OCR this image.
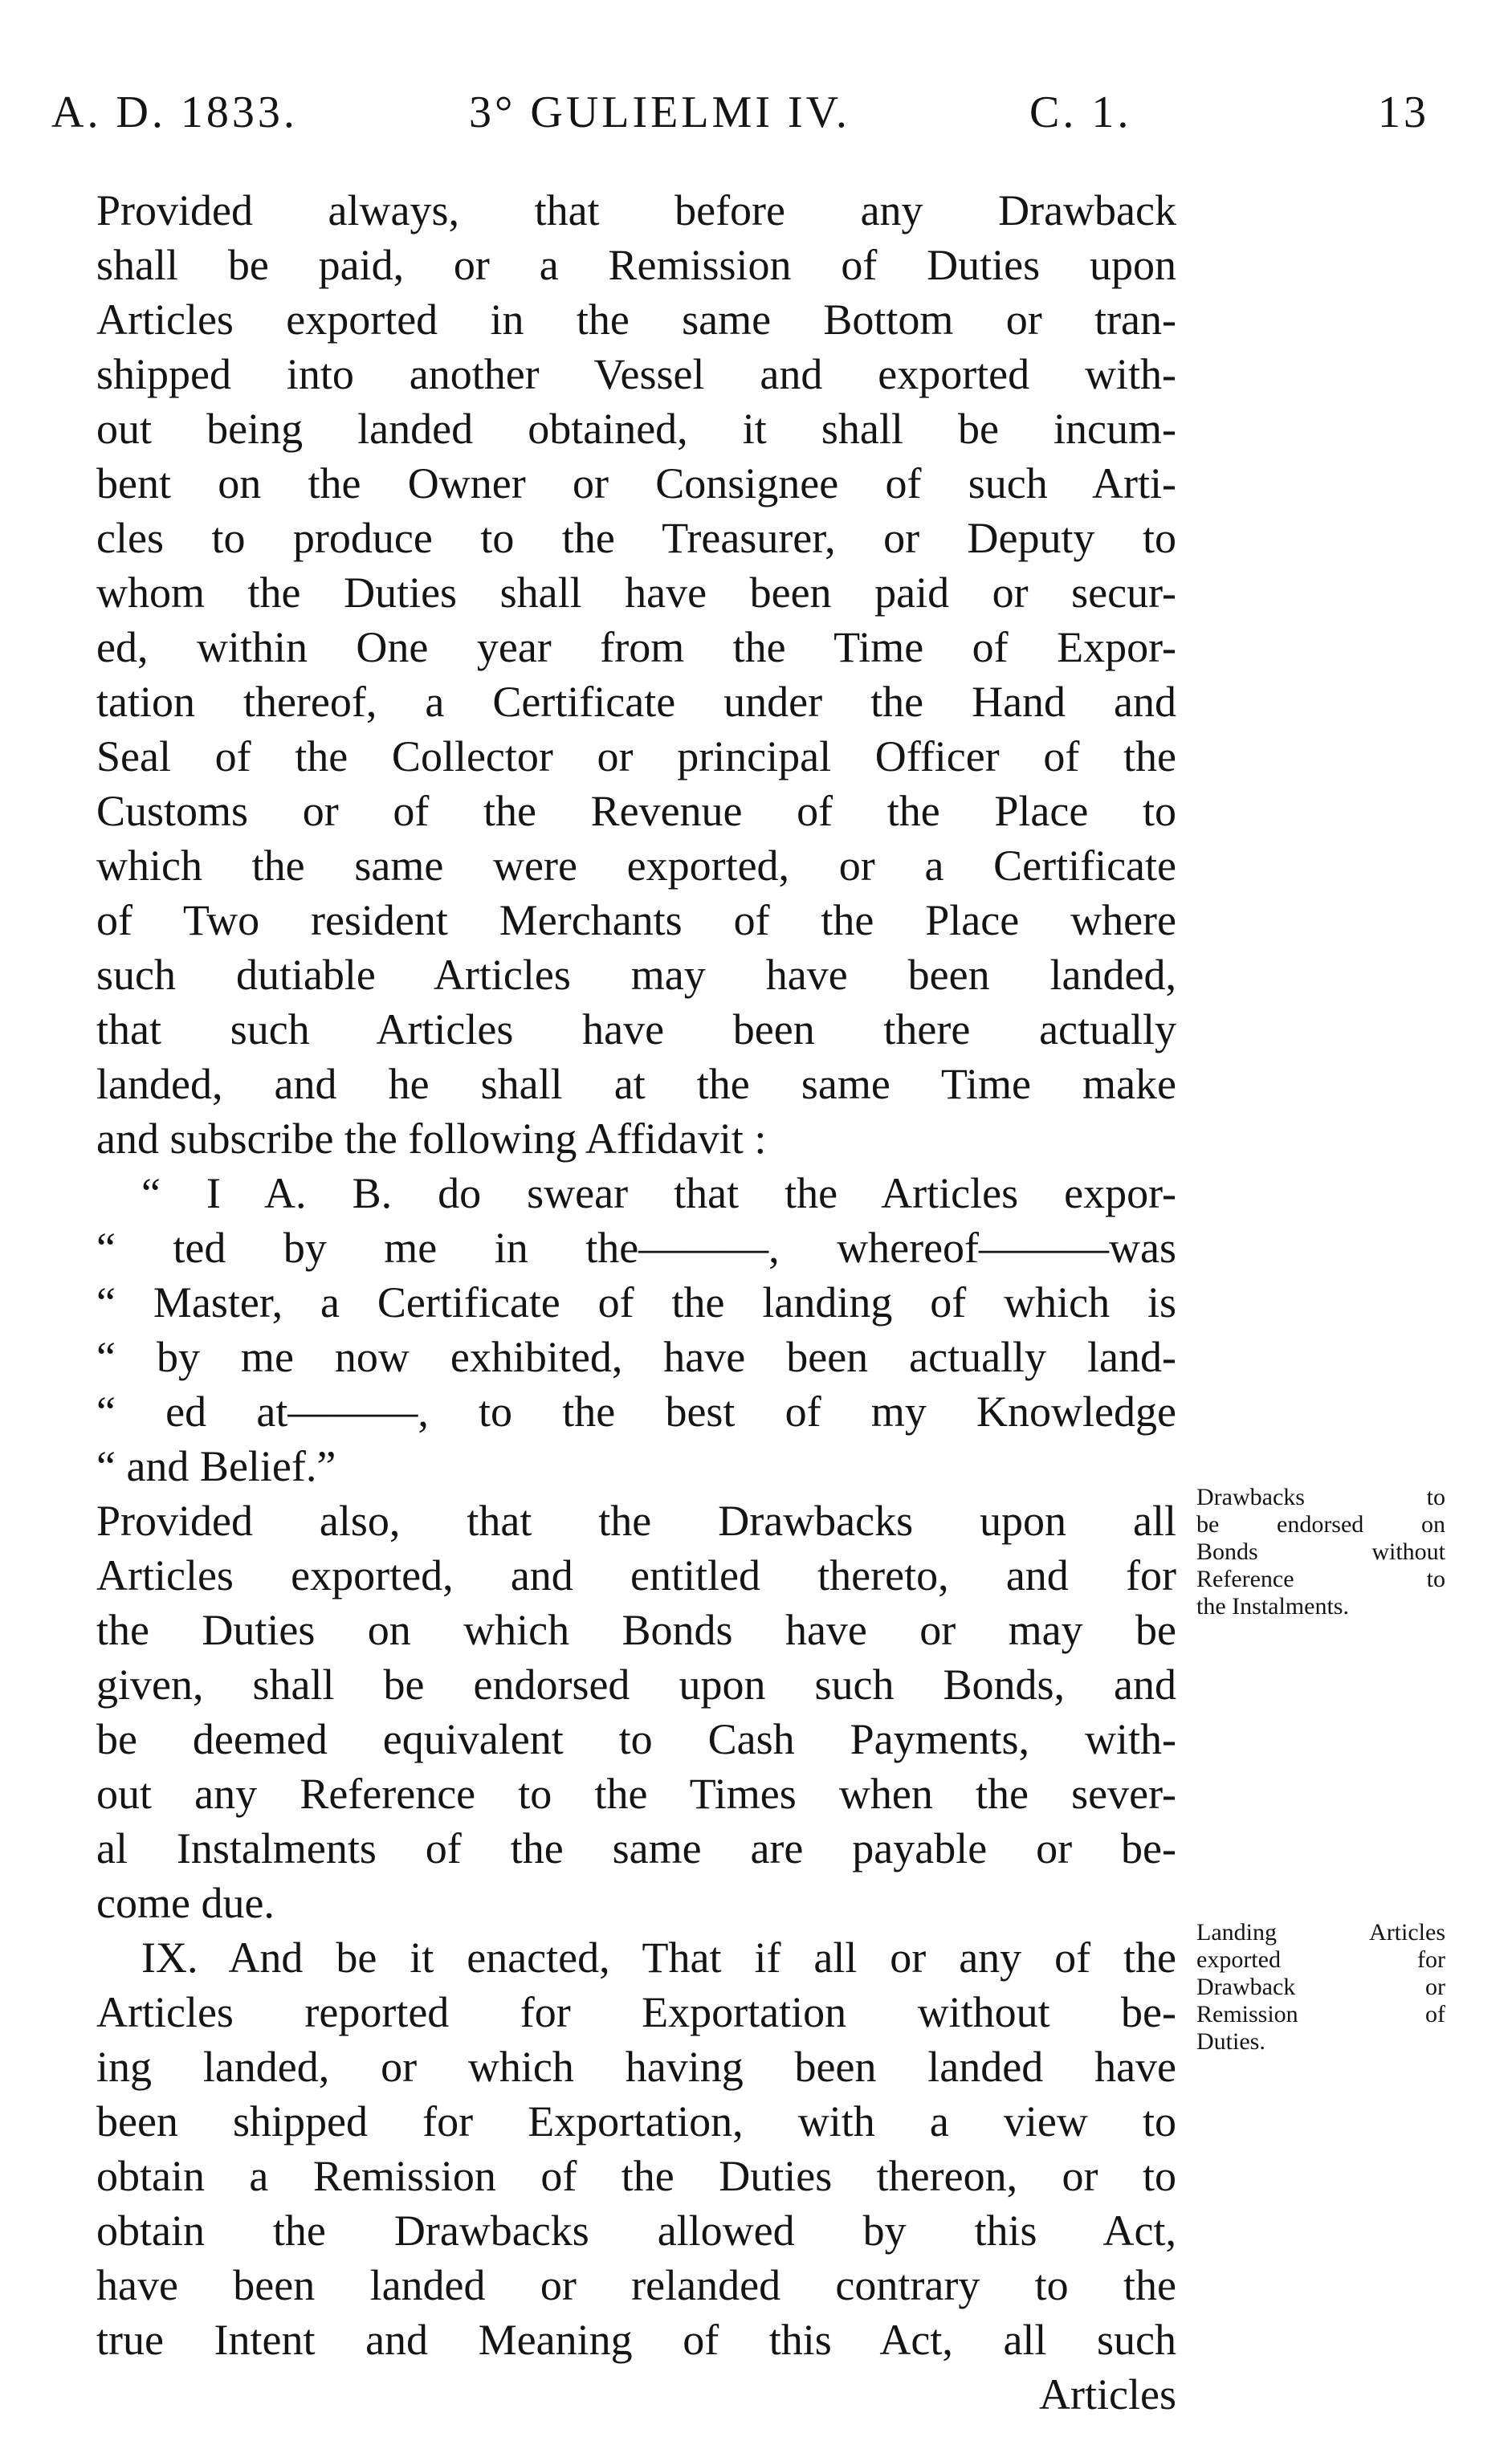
A. D. 1833.	3° GULIELMI IV.	C. 1.	13
Provided always, that before any Drawback
shall be paid, or a Remission of Duties upon
Articles exported in the same Bottom or tran-
shipped into another Vessel and exported with-
out being landed obtained, it shall be incum-
bent on the Owner or Consignee of such Arti-
cles to produce to the Treasurer, or Deputy to
whom the Duties shall have been paid or secur-
ed, within One year from the Time of Expor-
tation thereof, a Certificate under the Hand and
Seal of the Collector or principal Officer of the
Customs or of the Revenue of the Place to
which the same were exported, or a Certificate
of Two resident Merchants of the Place where
such dutiable Articles may have been landed,
that such Articles have been there actually
landed, and he shall at the same Time make
and subscribe the following Affidavit :
“ I A. B. do swear that the Articles expor-
“ ted by me in the———, whereof———was
“ Master, a Certificate of the landing of which is
“ by me now exhibited, have been actually land-
“ ed at———, to the best of my Knowledge
“ and Belief.”
Provided also, that the Drawbacks upon all
Articles exported, and entitled thereto, and for
the Duties on which Bonds have or may be
given, shall be endorsed upon such Bonds, and
be deemed equivalent to Cash Payments, with-
out any Reference to the Times when the sever-
al Instalments of the same are payable or be-
come due.
IX. And be it enacted, That if all or any of the
Articles reported for Exportation without be-
ing landed, or which having been landed have
been shipped for Exportation, with a view to
obtain a Remission of the Duties thereon, or to
obtain the Drawbacks allowed by this Act,
have been landed or relanded contrary to the
true Intent and Meaning of this Act, all such
Articles
Drawbacks to
be endorsed on
Bonds without
Reference to
the Instalments.
Landing Articles
exported for
Drawback or
Remission of
Duties.
